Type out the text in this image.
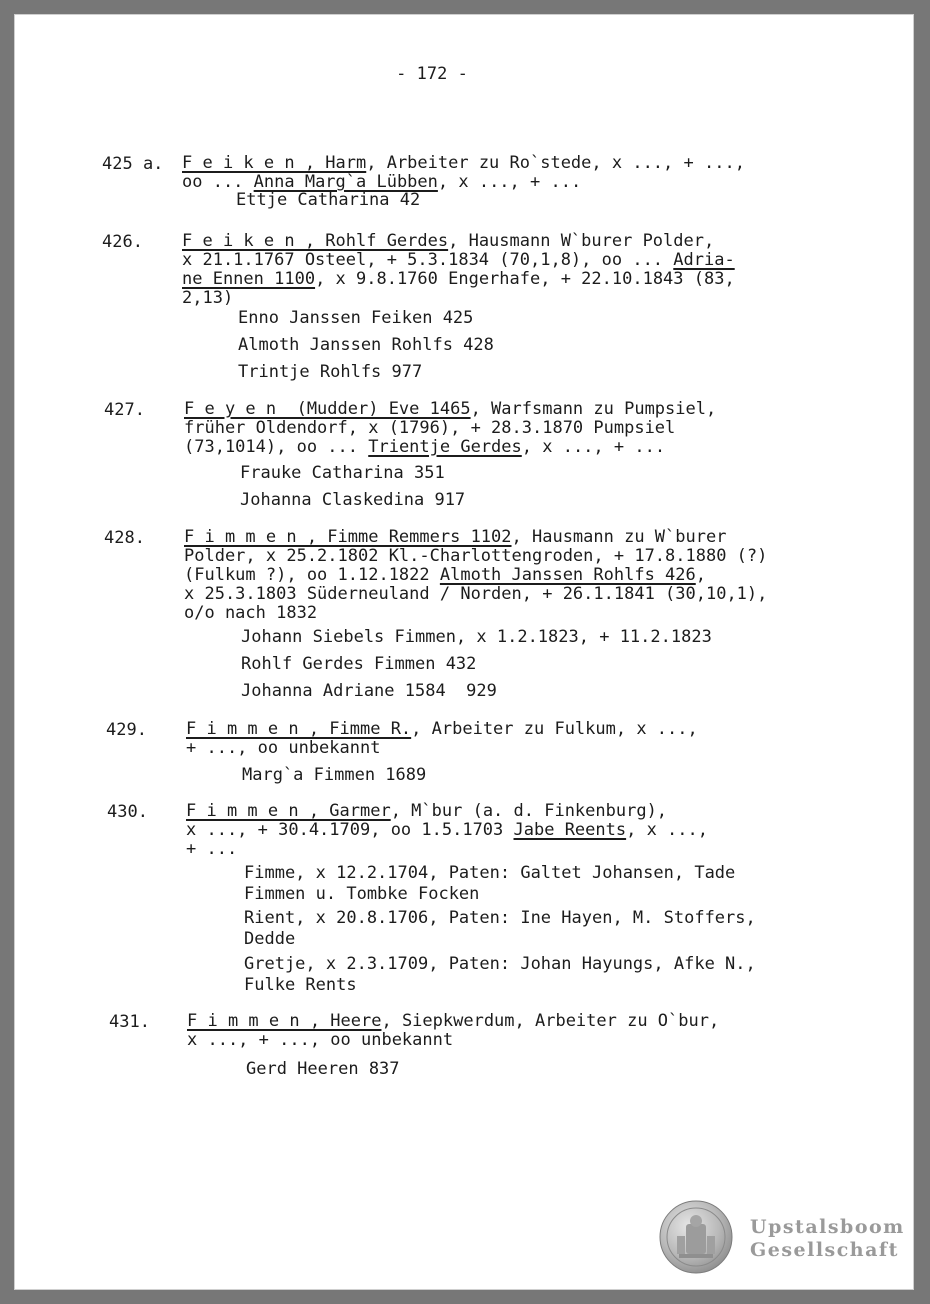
- 172 -
425 a. F e i k e n , Harm, Arbeiter zu Ro`stede, x ..., + ...,
oo ... Anna Marg`a Lübben, x ..., + ...
Ettje Catharina 42
426. F e i k e n , Rohlf Gerdes, Hausmann W`burer Polder,
x 21.1.1767 Osteel, + 5.3.1834 (70,1,8), oo ... Adria-
ne Ennen 1100, x 9.8.1760 Engerhafe, + 22.10.1843 (83,
2,13)
Enno Janssen Feiken 425
Almoth Janssen Rohlfs 428
Trintje Rohlfs 977
427. F e y e n  (Mudder) Eve 1465, Warfsmann zu Pumpsiel,
früher Oldendorf, x (1796), + 28.3.1870 Pumpsiel
(73,1014), oo ... Trientje Gerdes, x ..., + ...
Frauke Catharina 351
Johanna Claskedina 917
428. F i m m e n , Fimme Remmers 1102, Hausmann zu W`burer
Polder, x 25.2.1802 Kl.-Charlottengroden, + 17.8.1880 (?)
(Fulkum ?), oo 1.12.1822 Almoth Janssen Rohlfs 426,
x 25.3.1803 Süderneuland / Norden, + 26.1.1841 (30,10,1),
o/o nach 1832
Johann Siebels Fimmen, x 1.2.1823, + 11.2.1823
Rohlf Gerdes Fimmen 432
Johanna Adriane 1584  929
429. F i m m e n , Fimme R., Arbeiter zu Fulkum, x ...,
+ ..., oo unbekannt
Marg`a Fimmen 1689
430. F i m m e n , Garmer, M`bur (a. d. Finkenburg),
x ..., + 30.4.1709, oo 1.5.1703 Jabe Reents, x ...,
+ ...
Fimme, x 12.2.1704, Paten: Galtet Johansen, Tade
Fimmen u. Tombke Focken
Rient, x 20.8.1706, Paten: Ine Hayen, M. Stoffers,
Dedde
Gretje, x 2.3.1709, Paten: Johan Hayungs, Afke N.,
Fulke Rents
431. F i m m e n , Heere, Siepkwerdum, Arbeiter zu O`bur,
x ..., + ..., oo unbekannt
Gerd Heeren 837
Upstalsboom
Gesellschaft
